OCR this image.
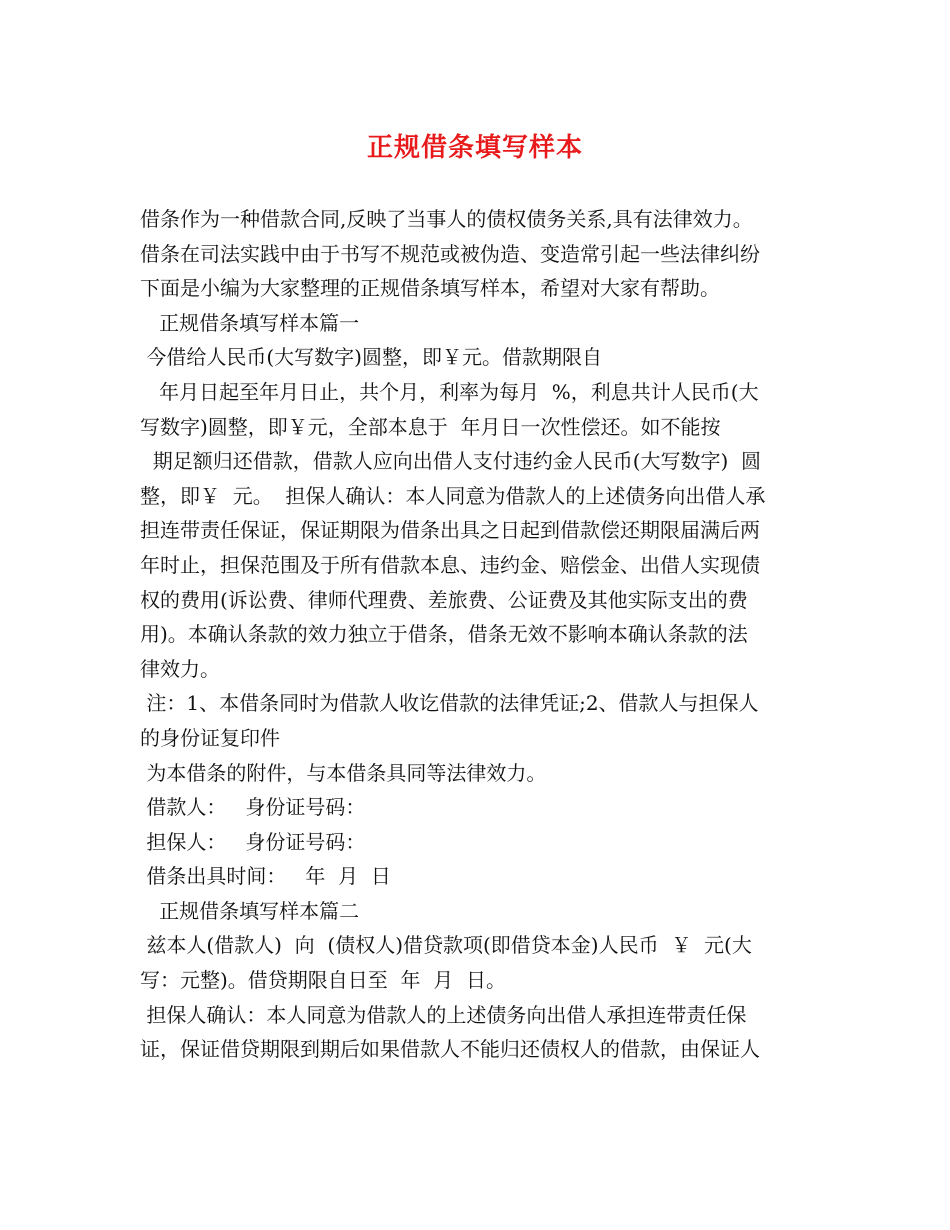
正规借条填写样本
借条作为一种借款合同,反映了当事人的债权债务关系,具有法律效力。
借条在司法实践中由于书写不规范或被伪造、变造常引起一些法律纠纷
下面是小编为大家整理的正规借条填写样本，希望对大家有帮助。
正规借条填写样本篇一
今借给人民币(大写数字)圆整，即￥元。借款期限自
年月日起至年月日止，共个月，利率为每月  %，利息共计人民币(大
写数字)圆整，即￥元，全部本息于  年月日一次性偿还。如不能按
期足额归还借款，借款人应向出借人支付违约金人民币(大写数字)  圆
整，即￥  元。  担保人确认：本人同意为借款人的上述债务向出借人承
担连带责任保证，保证期限为借条出具之日起到借款偿还期限届满后两
年时止，担保范围及于所有借款本息、违约金、赔偿金、出借人实现债
权的费用(诉讼费、律师代理费、差旅费、公证费及其他实际支出的费
用)。本确认条款的效力独立于借条，借条无效不影响本确认条款的法
律效力。
注：1、本借条同时为借款人收讫借款的法律凭证;2、借款人与担保人
的身份证复印件
为本借条的附件，与本借条具同等法律效力。
借款人：   身份证号码：
担保人：   身份证号码：
借条出具时间：   年  月  日
正规借条填写样本篇二
兹本人(借款人)  向  (债权人)借贷款项(即借贷本金)人民币  ￥  元(大
写：元整)。借贷期限自日至  年  月  日。
担保人确认：本人同意为借款人的上述债务向出借人承担连带责任保
证，保证借贷期限到期后如果借款人不能归还债权人的借款，由保证人
